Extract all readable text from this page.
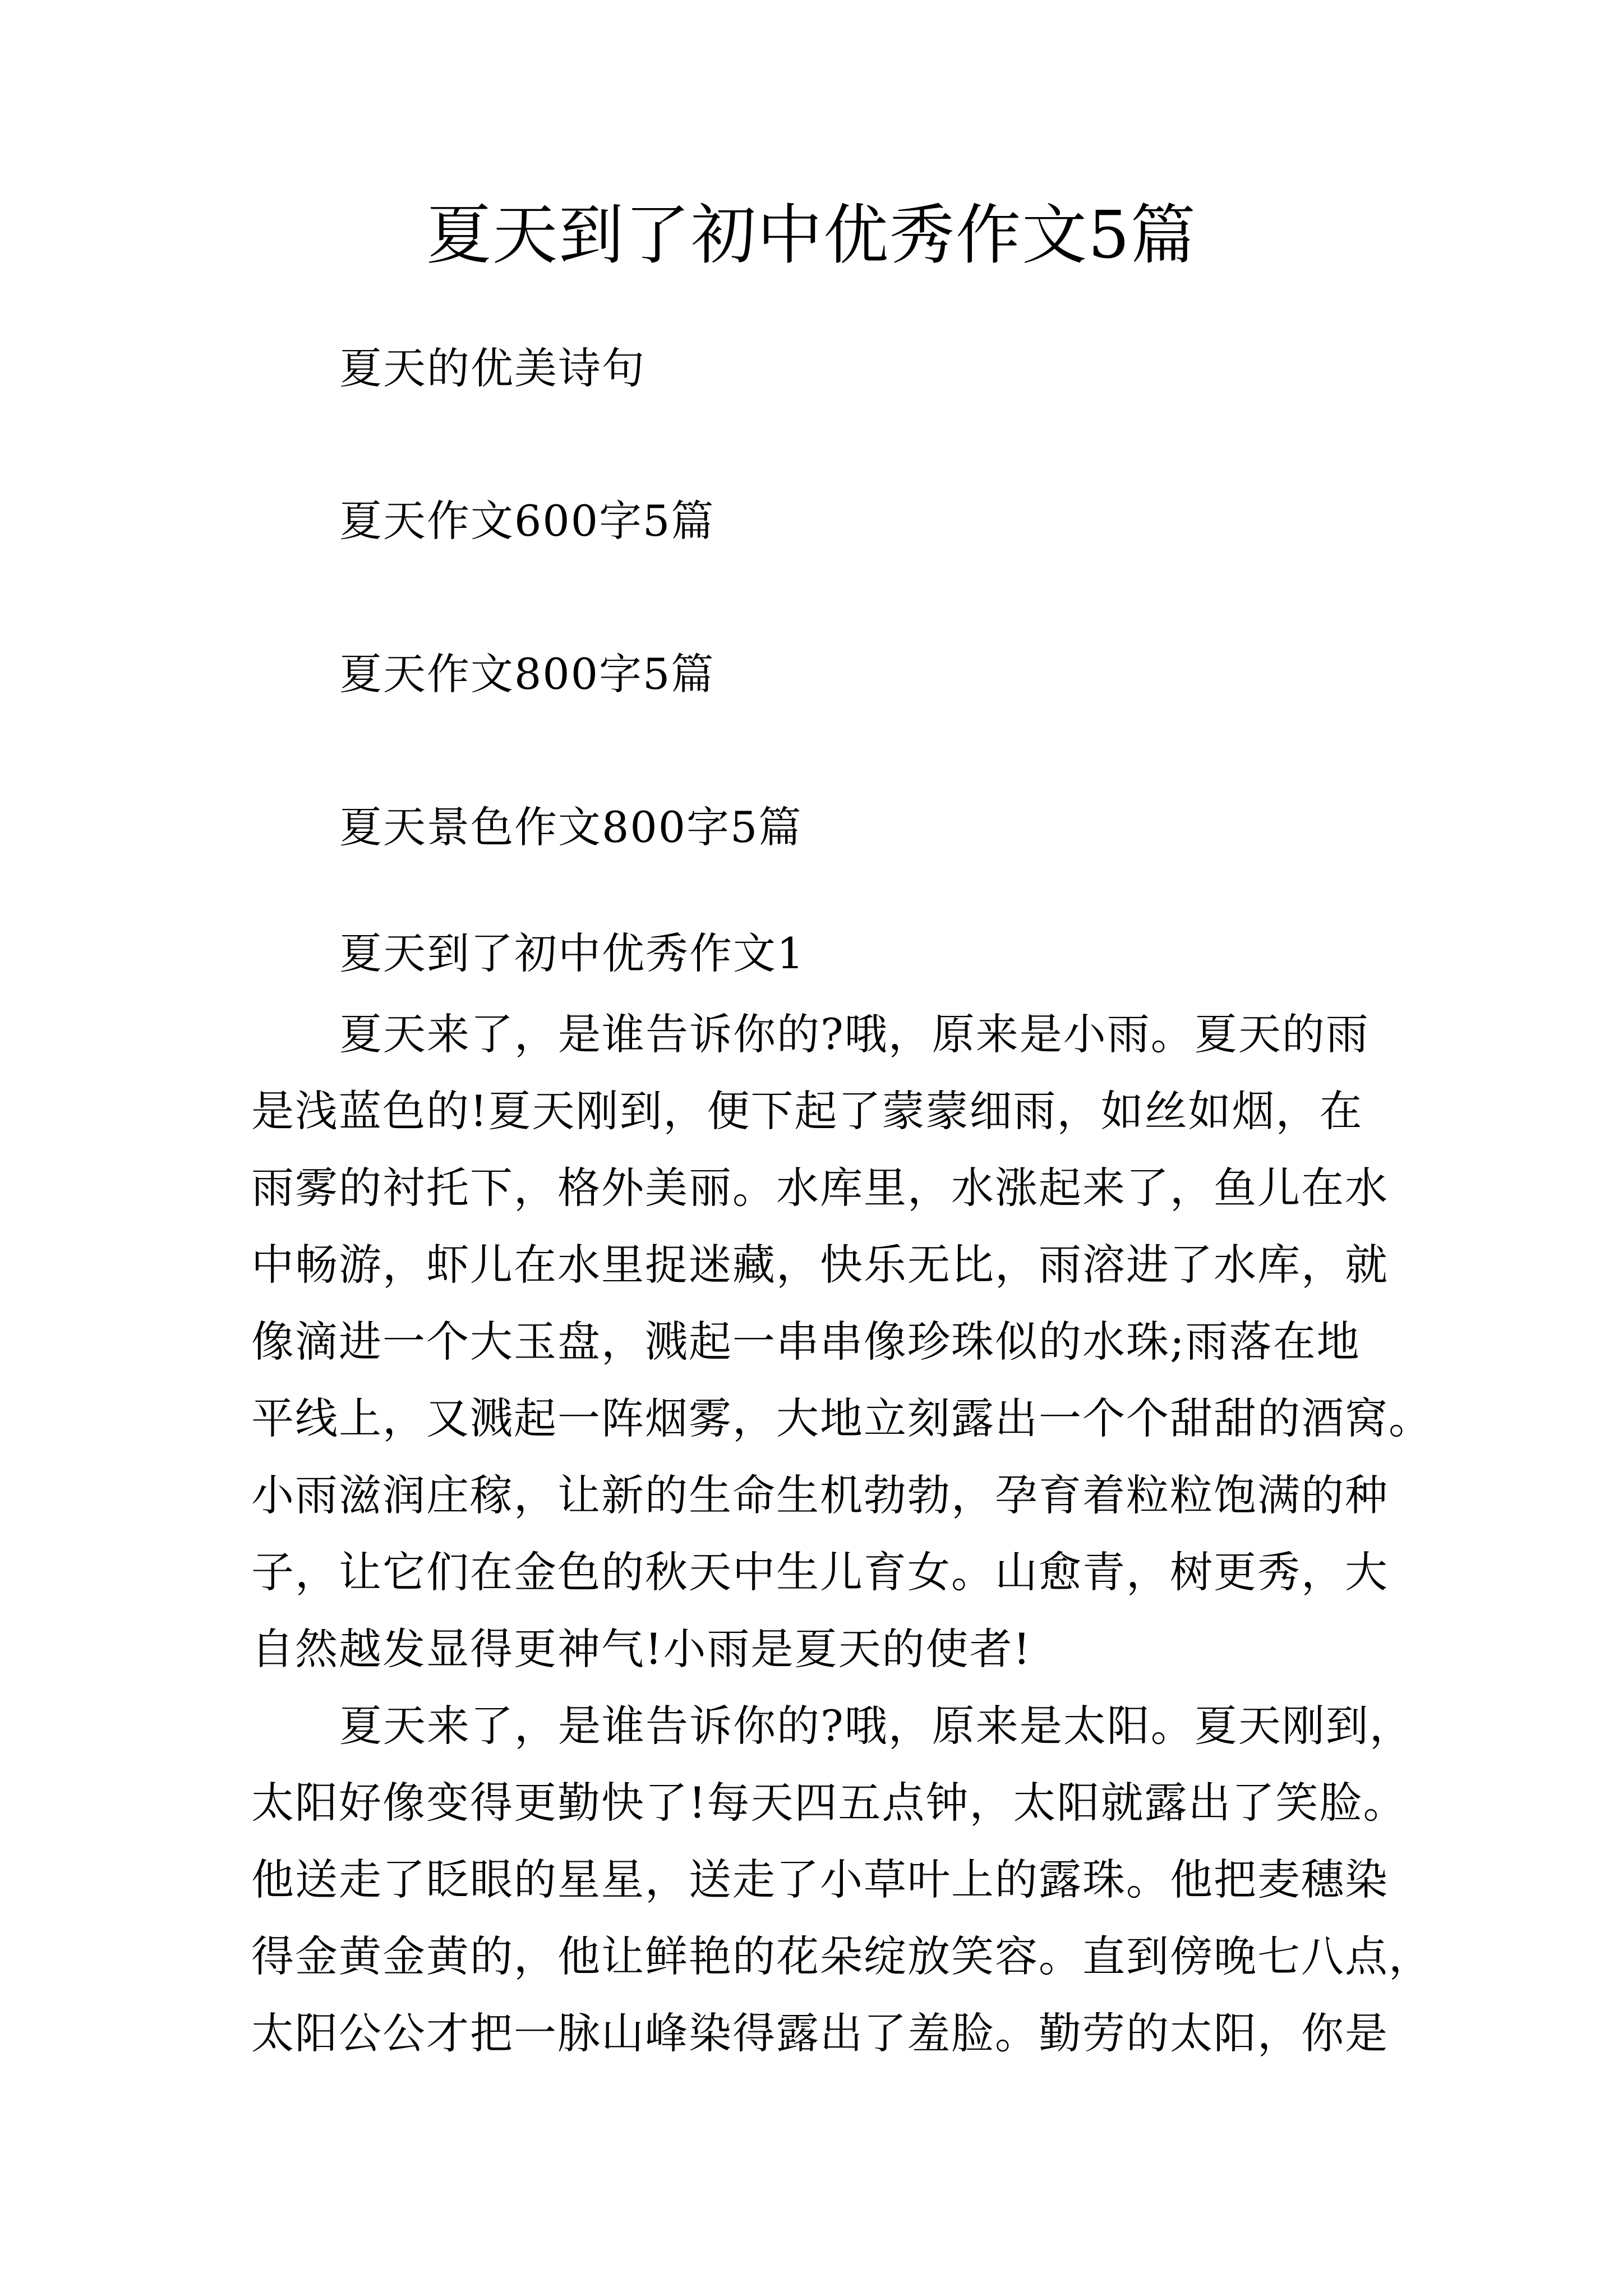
夏天到了初中优秀作文5篇
夏天的优美诗句
夏天作文600字5篇
夏天作文800字5篇
夏天景色作文800字5篇
夏天到了初中优秀作文1
夏天来了，是谁告诉你的?哦，原来是小雨。夏天的雨
是浅蓝色的!夏天刚到，便下起了蒙蒙细雨，如丝如烟，在
雨雾的衬托下，格外美丽。水库里，水涨起来了，鱼儿在水
中畅游，虾儿在水里捉迷藏，快乐无比，雨溶进了水库，就
像滴进一个大玉盘，溅起一串串像珍珠似的水珠;雨落在地
平线上，又溅起一阵烟雾，大地立刻露出一个个甜甜的酒窝。
小雨滋润庄稼，让新的生命生机勃勃，孕育着粒粒饱满的种
子，让它们在金色的秋天中生儿育女。山愈青，树更秀，大
自然越发显得更神气!小雨是夏天的使者!
夏天来了，是谁告诉你的?哦，原来是太阳。夏天刚到，
太阳好像变得更勤快了!每天四五点钟，太阳就露出了笑脸。
他送走了眨眼的星星，送走了小草叶上的露珠。他把麦穗染
得金黄金黄的，他让鲜艳的花朵绽放笑容。直到傍晚七八点，
太阳公公才把一脉山峰染得露出了羞脸。勤劳的太阳，你是
